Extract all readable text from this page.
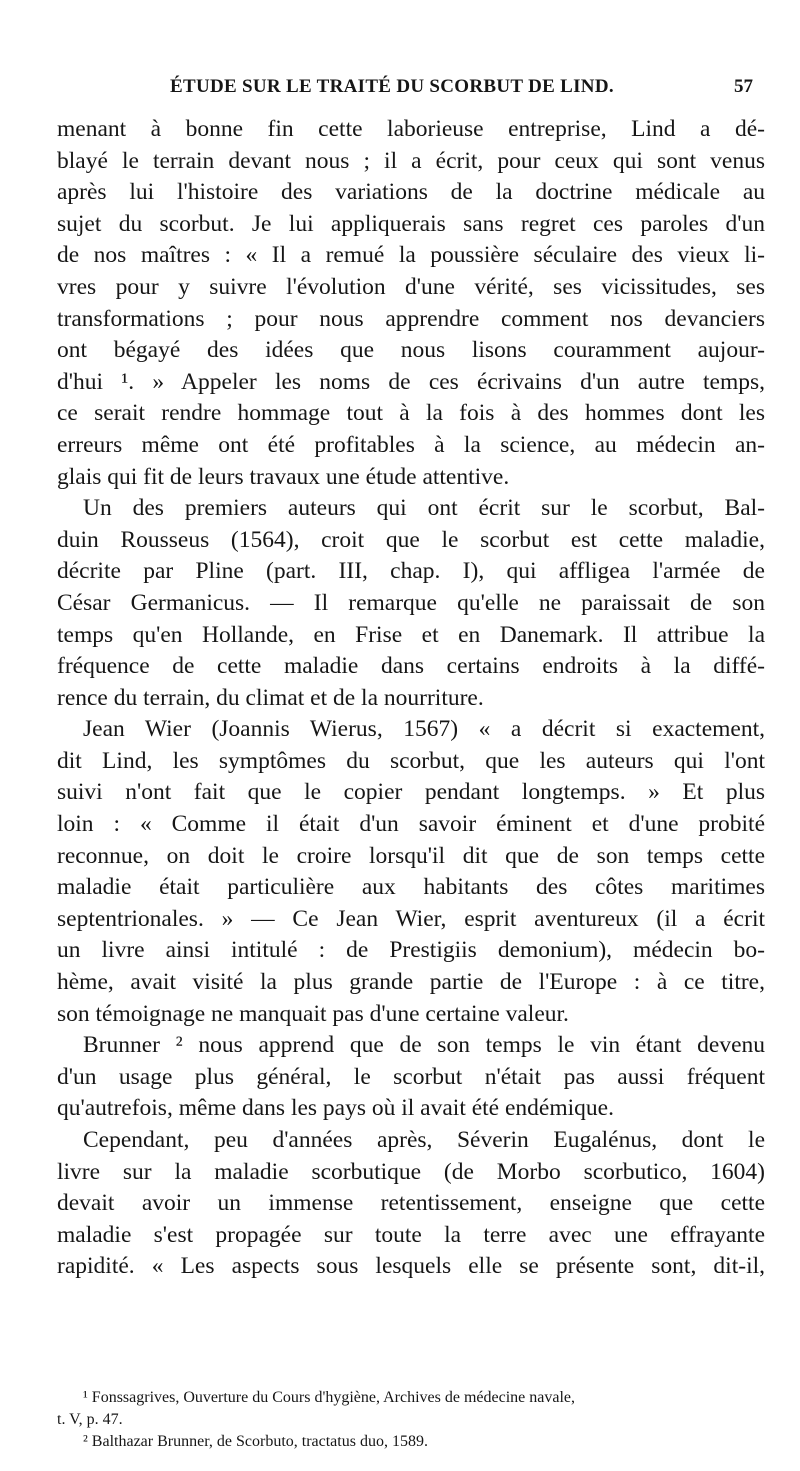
ÉTUDE SUR LE TRAITÉ DU SCORBUT DE LIND.	57
menant à bonne fin cette laborieuse entreprise, Lind a dé-
blayé le terrain devant nous ; il a écrit, pour ceux qui sont venus
après lui l'histoire des variations de la doctrine médicale au
sujet du scorbut. Je lui appliquerais sans regret ces paroles d'un
de nos maîtres : « Il a remué la poussière séculaire des vieux li-
vres pour y suivre l'évolution d'une vérité, ses vicissitudes, ses
transformations ; pour nous apprendre comment nos devanciers
ont bégayé des idées que nous lisons couramment aujour-
d'hui ¹. » Appeler les noms de ces écrivains d'un autre temps,
ce serait rendre hommage tout à la fois à des hommes dont les
erreurs même ont été profitables à la science, au médecin an-
glais qui fit de leurs travaux une étude attentive.
Un des premiers auteurs qui ont écrit sur le scorbut, Bal-
duin Rousseus (1564), croit que le scorbut est cette maladie,
décrite par Pline (part. III, chap. I), qui affligea l'armée de
César Germanicus. — Il remarque qu'elle ne paraissait de son
temps qu'en Hollande, en Frise et en Danemark. Il attribue la
fréquence de cette maladie dans certains endroits à la diffé-
rence du terrain, du climat et de la nourriture.
Jean Wier (Joannis Wierus, 1567) « a décrit si exactement,
dit Lind, les symptômes du scorbut, que les auteurs qui l'ont
suivi n'ont fait que le copier pendant longtemps. » Et plus
loin : « Comme il était d'un savoir éminent et d'une probité
reconnue, on doit le croire lorsqu'il dit que de son temps cette
maladie était particulière aux habitants des côtes maritimes
septentrionales. » — Ce Jean Wier, esprit aventureux (il a écrit
un livre ainsi intitulé : de Prestigiis demonium), médecin bo-
hème, avait visité la plus grande partie de l'Europe : à ce titre,
son témoignage ne manquait pas d'une certaine valeur.
Brunner ² nous apprend que de son temps le vin étant devenu
d'un usage plus général, le scorbut n'était pas aussi fréquent
qu'autrefois, même dans les pays où il avait été endémique.
Cependant, peu d'années après, Séverin Eugalénus, dont le
livre sur la maladie scorbutique (de Morbo scorbutico, 1604)
devait avoir un immense retentissement, enseigne que cette
maladie s'est propagée sur toute la terre avec une effrayante
rapidité. « Les aspects sous lesquels elle se présente sont, dit-il,
¹ Fonssagrives, Ouverture du Cours d'hygiène, Archives de médecine navale,
t. V, p. 47.
² Balthazar Brunner, de Scorbuto, tractatus duo, 1589.
